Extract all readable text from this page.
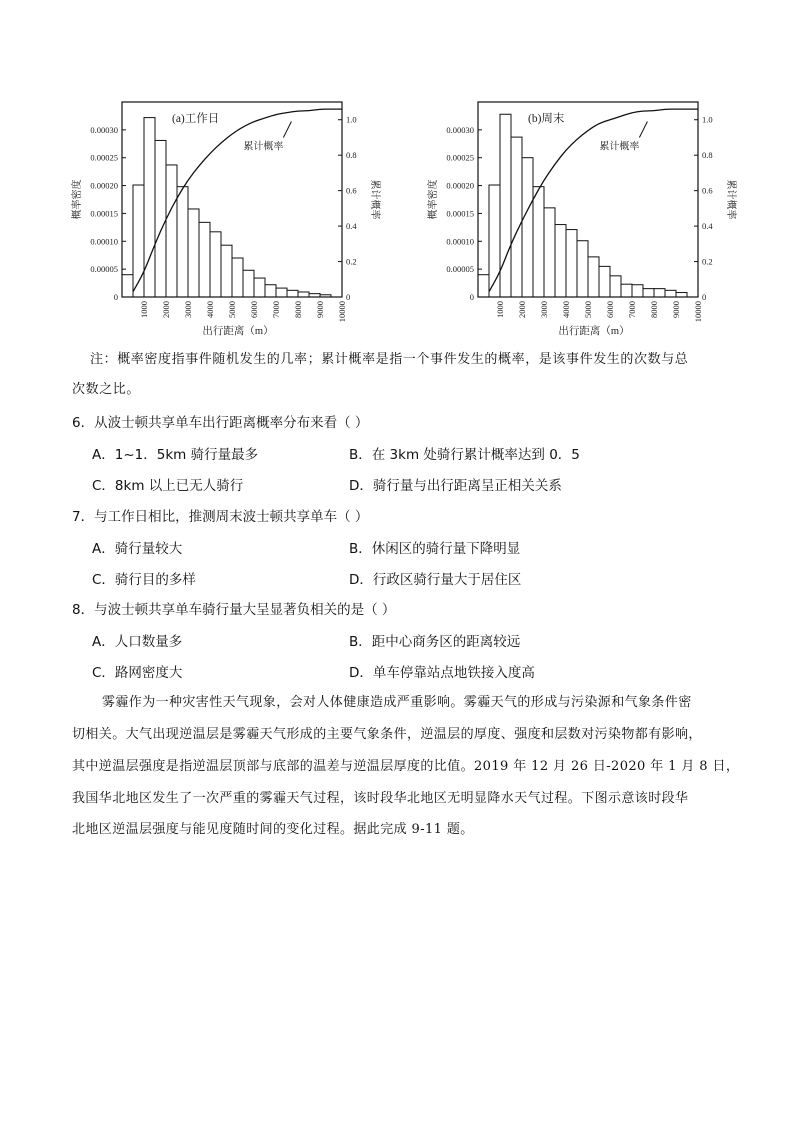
0
0.00005
0.00010
0.00015
0.00020
0.00025
0.00030
0
0.2
0.4
0.6
0.8
1.0
1000 2000 3000 4000 5000 6000 7000 8000 9000 10000
概率密度	累计概率
出行距离（m）
(a)工作日
累计概率
0
0.00005
0.00010
0.00015
0.00020
0.00025
0.00030
0
0.2
0.4
0.6
0.8
1.0
1000 2000 3000 4000 5000 6000 7000 8000 9000 10000
概率密度	累计概率
出行距离（m）
(b)周末
累计概率
注：概率密度指事件随机发生的几率；累计概率是指一个事件发生的概率，是该事件发生的次数与总
次数之比。
6．从波士顿共享单车出行距离概率分布来看（ ）
A．1~1．5km 骑行量最多	B．在 3km 处骑行累计概率达到 0．5
C．8km 以上已无人骑行	D．骑行量与出行距离呈正相关关系
7．与工作日相比，推测周末波士顿共享单车（ ）
A．骑行量较大	B．休闲区的骑行量下降明显
C．骑行目的多样	D．行政区骑行量大于居住区
8．与波士顿共享单车骑行量大呈显著负相关的是（ ）
A．人口数量多	B．距中心商务区的距离较远
C．路网密度大	D．单车停靠站点地铁接入度高
雾霾作为一种灾害性天气现象，会对人体健康造成严重影响。雾霾天气的形成与污染源和气象条件密
切相关。大气出现逆温层是雾霾天气形成的主要气象条件，逆温层的厚度、强度和层数对污染物都有影响，
其中逆温层强度是指逆温层顶部与底部的温差与逆温层厚度的比值。2019 年 12 月 26 日-2020 年 1 月 8 日，
我国华北地区发生了一次严重的雾霾天气过程，该时段华北地区无明显降水天气过程。下图示意该时段华
北地区逆温层强度与能见度随时间的变化过程。据此完成 9-11 题。
